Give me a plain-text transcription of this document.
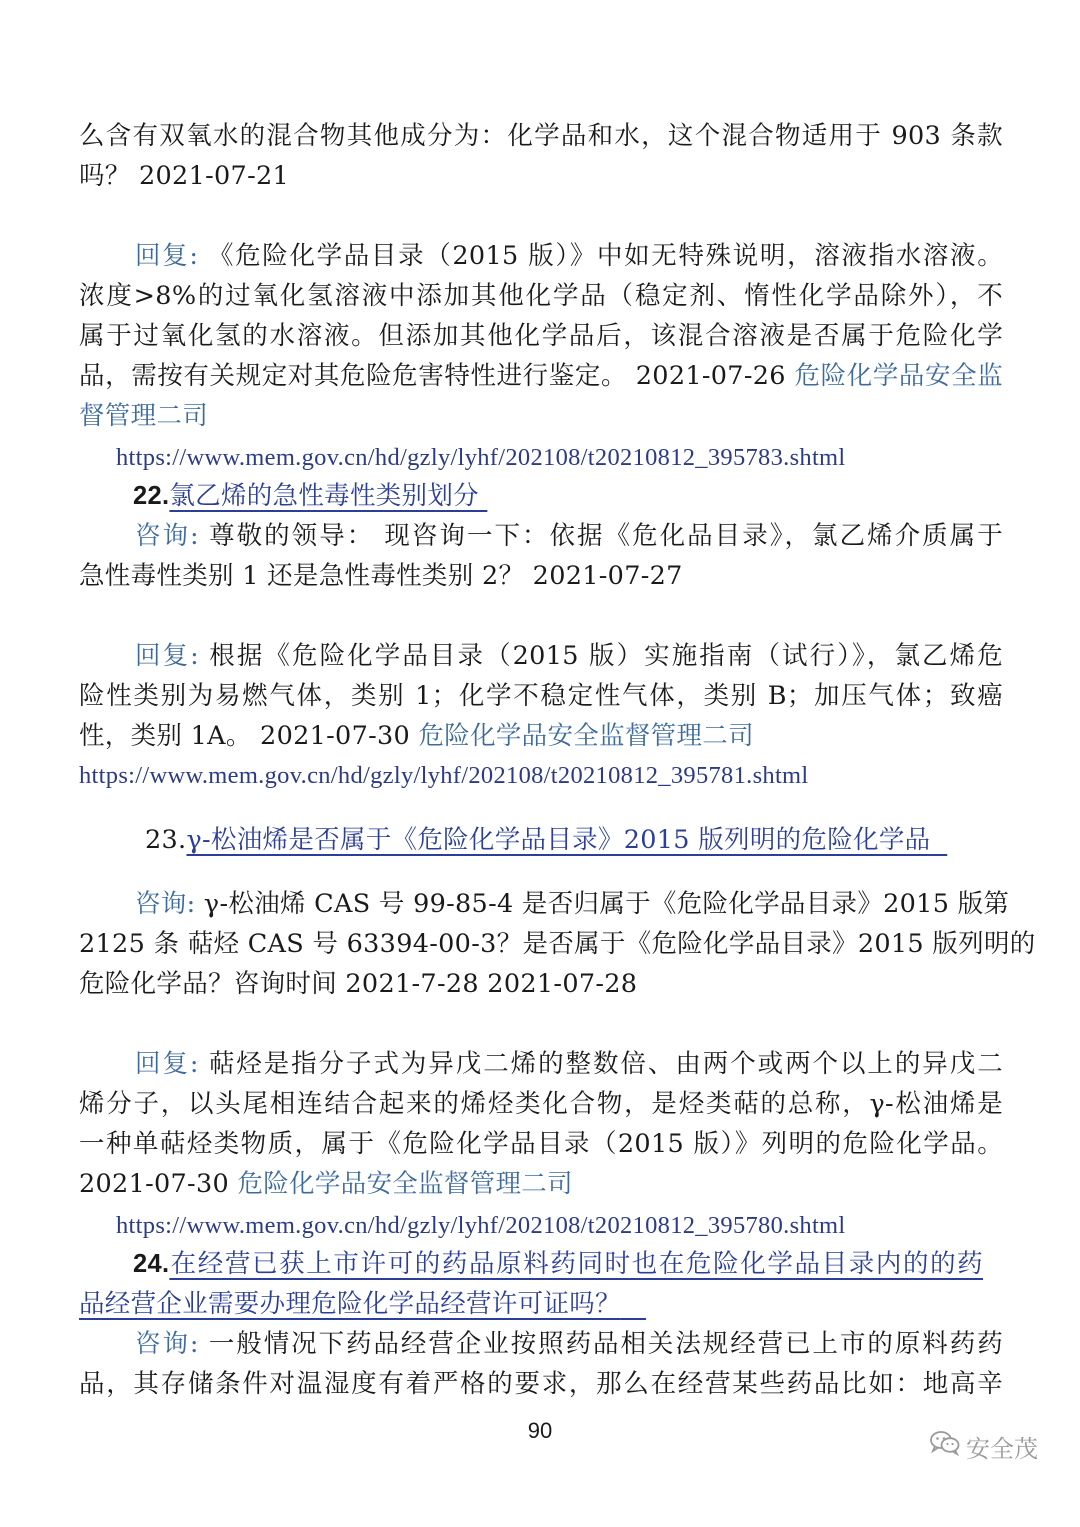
么含有双氧水的混合物其他成分为：化学品和水，这个混合物适用于 903 条款
吗？ 2021-07-21
回复: 《危险化学品目录（2015 版）》中如无特殊说明，溶液指水溶液。
浓度>8%的过氧化氢溶液中添加其他化学品（稳定剂、惰性化学品除外），不
属于过氧化氢的水溶液。但添加其他化学品后，该混合溶液是否属于危险化学
品，需按有关规定对其危险危害特性进行鉴定。 2021-07-26 危险化学品安全监
督管理二司
https://www.mem.gov.cn/hd/gzly/lyhf/202108/t20210812_395783.shtml
22.氯乙烯的急性毒性类别划分
咨询: 尊敬的领导： 现咨询一下：依据《危化品目录》，氯乙烯介质属于
急性毒性类别 1 还是急性毒性类别 2？ 2021-07-27
回复: 根据《危险化学品目录（2015 版）实施指南（试行）》，氯乙烯危
险性类别为易燃气体，类别 1；化学不稳定性气体，类别 B；加压气体；致癌
性，类别 1A。 2021-07-30 危险化学品安全监督管理二司
https://www.mem.gov.cn/hd/gzly/lyhf/202108/t20210812_395781.shtml
23.γ-松油烯是否属于《危险化学品目录》2015 版列明的危险化学品
咨询: γ-松油烯 CAS 号 99-85-4 是否归属于《危险化学品目录》2015 版第
2125 条 萜烃 CAS 号 63394-00-3？是否属于《危险化学品目录》2015 版列明的
危险化学品？咨询时间 2021-7-28 2021-07-28
回复: 萜烃是指分子式为异戊二烯的整数倍、由两个或两个以上的异戊二
烯分子，以头尾相连结合起来的烯烃类化合物，是烃类萜的总称，γ-松油烯是
一种单萜烃类物质，属于《危险化学品目录（2015 版）》列明的危险化学品。
2021-07-30 危险化学品安全监督管理二司
https://www.mem.gov.cn/hd/gzly/lyhf/202108/t20210812_395780.shtml
24.在经营已获上市许可的药品原料药同时也在危险化学品目录内的的药
品经营企业需要办理危险化学品经营许可证吗？
咨询: 一般情况下药品经营企业按照药品相关法规经营已上市的原料药药
品，其存储条件对温湿度有着严格的要求，那么在经营某些药品比如：地高辛
90
安全茂
